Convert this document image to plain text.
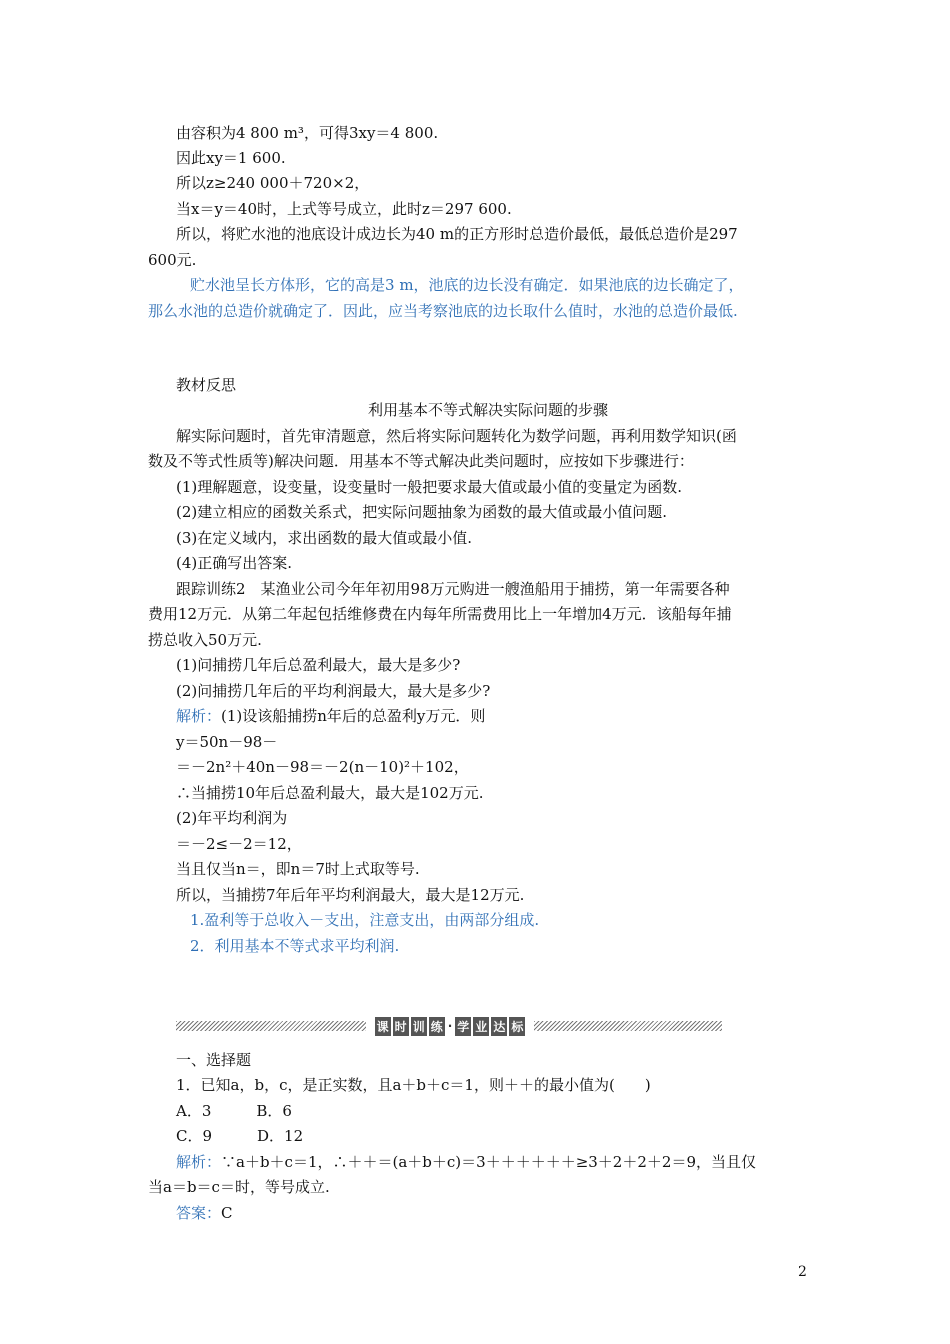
由容积为4 800 m³，可得3xy＝4 800.
因此xy＝1 600.
所以z≥240 000＋720×2，
当x＝y＝40时，上式等号成立，此时z＝297 600.
所以，将贮水池的池底设计成边长为40 m的正方形时总造价最低，最低总造价是297
600元.
贮水池呈长方体形，它的高是3 m，池底的边长没有确定．如果池底的边长确定了，
那么水池的总造价就确定了．因此，应当考察池底的边长取什么值时，水池的总造价最低.
教材反思
利用基本不等式解决实际问题的步骤
解实际问题时，首先审清题意，然后将实际问题转化为数学问题，再利用数学知识(函
数及不等式性质等)解决问题．用基本不等式解决此类问题时，应按如下步骤进行：
(1)理解题意，设变量，设变量时一般把要求最大值或最小值的变量定为函数.
(2)建立相应的函数关系式，把实际问题抽象为函数的最大值或最小值问题.
(3)在定义域内，求出函数的最大值或最小值.
(4)正确写出答案.
跟踪训练2　某渔业公司今年年初用98万元购进一艘渔船用于捕捞，第一年需要各种
费用12万元．从第二年起包括维修费在内每年所需费用比上一年增加4万元．该船每年捕
捞总收入50万元.
(1)问捕捞几年后总盈利最大，最大是多少?
(2)问捕捞几年后的平均利润最大，最大是多少?
解析：(1)设该船捕捞n年后的总盈利y万元．则
y＝50n－98－
＝－2n²＋40n－98＝－2(n－10)²＋102，
∴当捕捞10年后总盈利最大，最大是102万元.
(2)年平均利润为
＝－2≤－2＝12，
当且仅当n＝，即n＝7时上式取等号.
所以，当捕捞7年后年平均利润最大，最大是12万元.
1.盈利等于总收入－支出，注意支出，由两部分组成.
2．利用基本不等式求平均利润.
课 时 训 练 · 学 业 达 标
一、选择题
1．已知a，b，c，是正实数，且a＋b＋c＝1，则＋＋的最小值为(　　)
A．3　　　B．6
C．9　　　D．12
解析：∵a＋b＋c＝1，∴＋＋＝(a＋b＋c)＝3＋＋＋＋＋＋≥3＋2＋2＋2＝9，当且仅
当a＝b＝c＝时，等号成立.
答案：C
2
